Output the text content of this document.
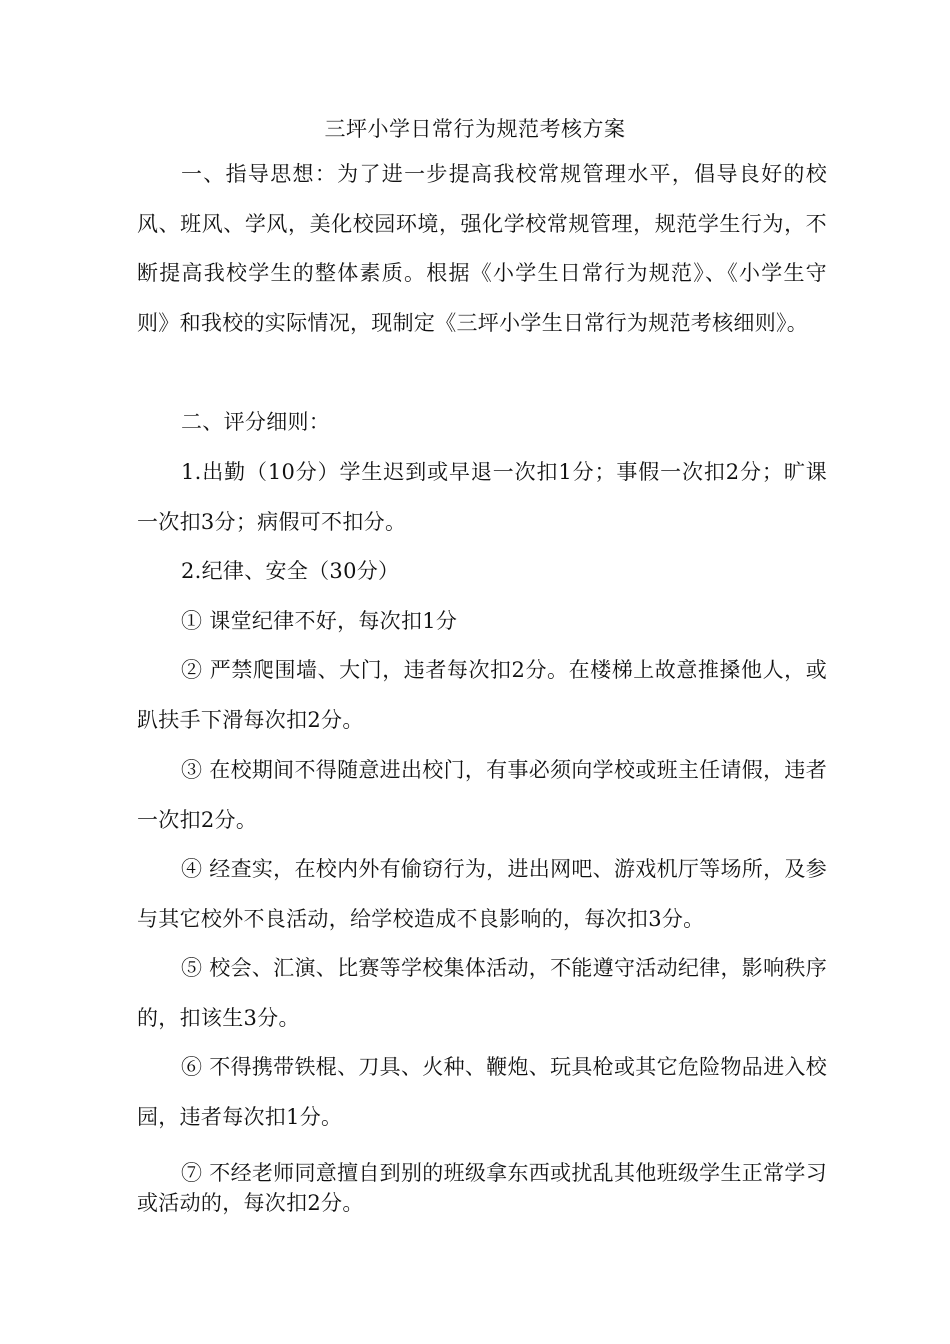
三坪小学日常行为规范考核方案

一、指导思想：为了进一步提高我校常规管理水平，倡导良好的校风、班风、学风，美化校园环境，强化学校常规管理，规范学生行为，不断提高我校学生的整体素质。根据《小学生日常行为规范》、《小学生守则》和我校的实际情况，现制定《三坪小学生日常行为规范考核细则》。

二、评分细则：

1.出勤（10分）学生迟到或早退一次扣1分；事假一次扣2分；旷课一次扣3分；病假可不扣分。

2.纪律、安全（30分）

① 课堂纪律不好，每次扣1分

② 严禁爬围墙、大门，违者每次扣2分。在楼梯上故意推搡他人，或趴扶手下滑每次扣2分。

③ 在校期间不得随意进出校门，有事必须向学校或班主任请假，违者一次扣2分。

④ 经查实，在校内外有偷窃行为，进出网吧、游戏机厅等场所，及参与其它校外不良活动，给学校造成不良影响的，每次扣3分。

⑤ 校会、汇演、比赛等学校集体活动，不能遵守活动纪律，影响秩序的，扣该生3分。

⑥ 不得携带铁棍、刀具、火种、鞭炮、玩具枪或其它危险物品进入校园，违者每次扣1分。

⑦ 不经老师同意擅自到别的班级拿东西或扰乱其他班级学生正常学习或活动的，每次扣2分。
